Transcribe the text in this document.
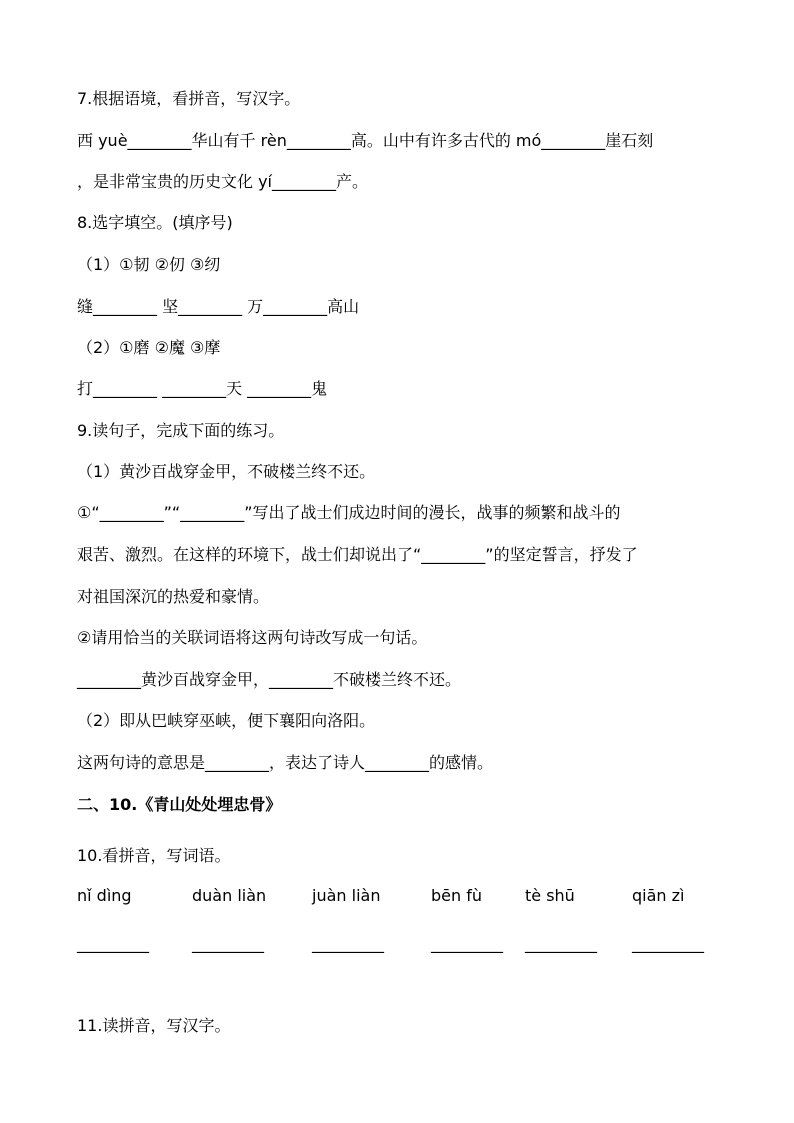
7.根据语境，看拼音，写汉字。
西 yuè________华山有千 rèn________高。山中有许多古代的 mó________崖石刻
，是非常宝贵的历史文化 yí________产。
8.选字填空。(填序号)
（1）①韧 ②仞 ③纫
缝________ 坚________ 万________高山
（2）①磨 ②魔 ③摩
打________ ________天 ________鬼
9.读句子，完成下面的练习。
（1）黄沙百战穿金甲，不破楼兰终不还。
①“________”“________”写出了战士们成边时间的漫长，战事的频繁和战斗的
艰苦、激烈。在这样的环境下，战士们却说出了“________”的坚定誓言，抒发了
对祖国深沉的热爱和豪情。
②请用恰当的关联词语将这两句诗改写成一句话。
________黄沙百战穿金甲，________不破楼兰终不还。
（2）即从巴峡穿巫峡，便下襄阳向洛阳。
这两句诗的意思是________，表达了诗人________的感情。
二、10.《青山处处埋忠骨》
10.看拼音，写词语。
nǐ dìng	duàn liàn	juàn liàn	bēn fù	tè shū	qiān zì
_________	_________	_________	_________ _________ _________
11.读拼音，写汉字。
